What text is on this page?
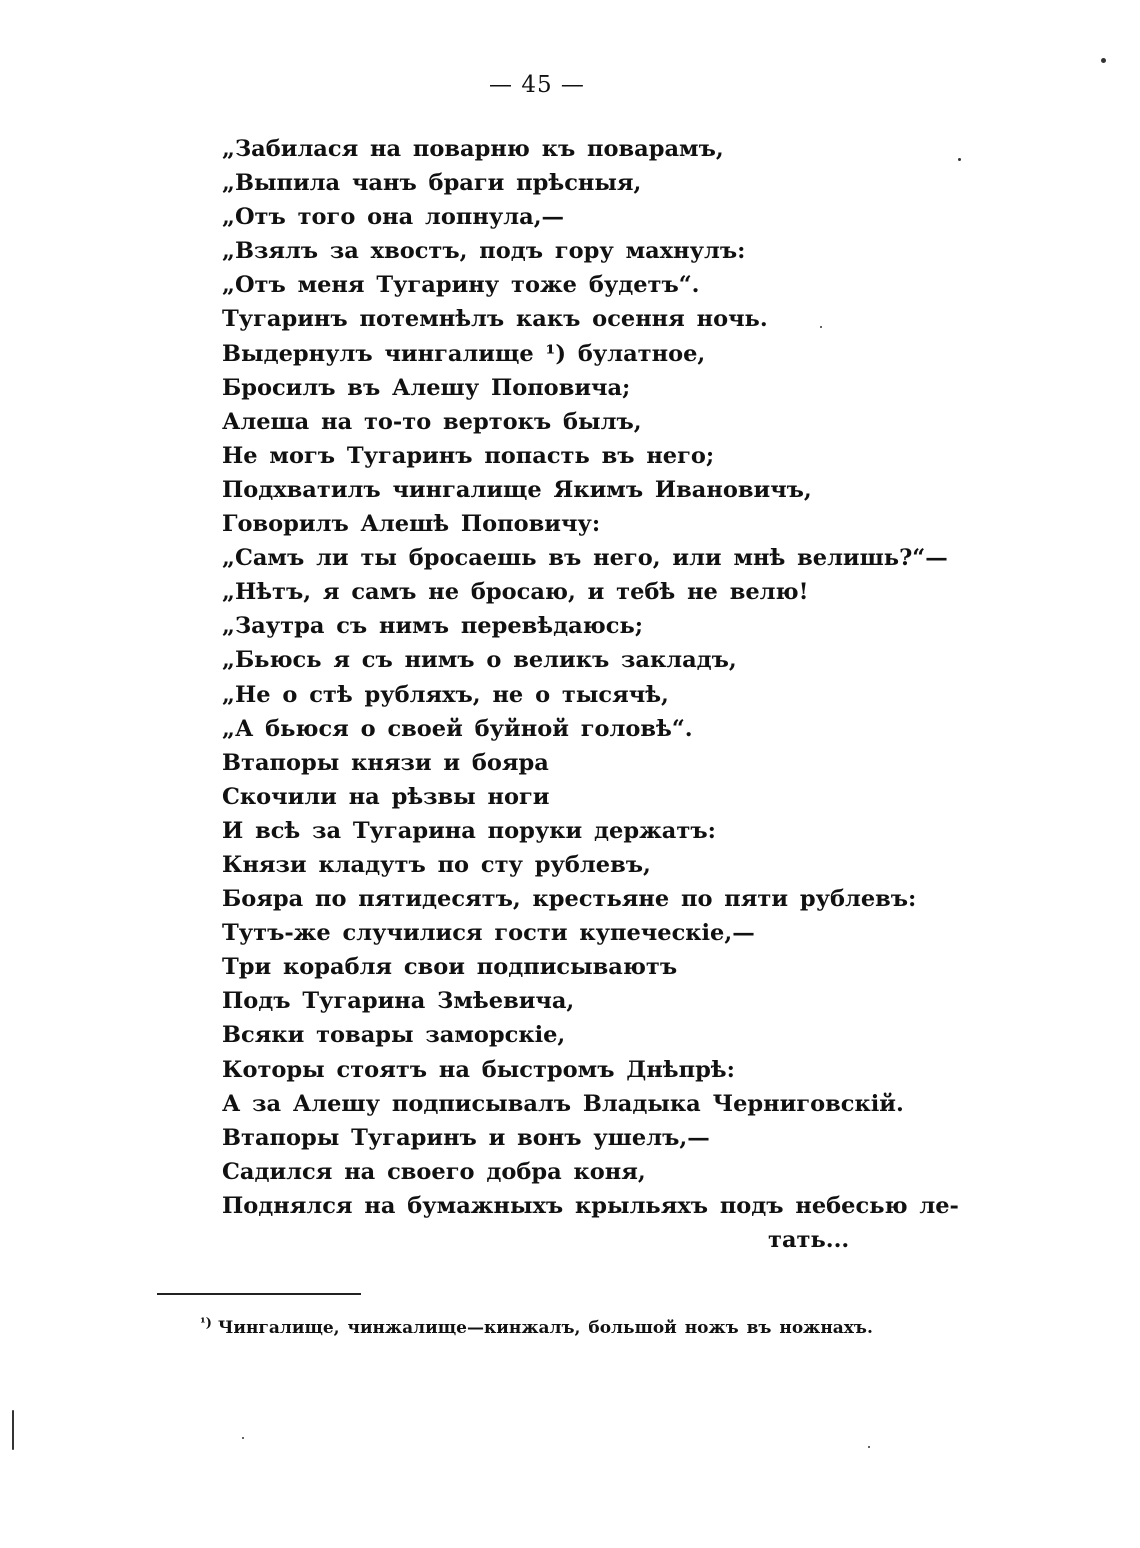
— 45 —
„Забилася на поварню къ поварамъ,
„Выпила чанъ браги прѣсныя,
„Отъ того она лопнула,—
„Взялъ за хвостъ, подъ гору махнулъ:
„Отъ меня Тугарину тоже будетъ“.
Тугаринъ потемнѣлъ какъ осення ночь.
Выдернулъ чингалище ¹) булатное,
Бросилъ въ Алешу Поповича;
Алеша на то-то вертокъ былъ,
Не могъ Тугаринъ попасть въ него;
Подхватилъ чингалище Якимъ Ивановичъ,
Говорилъ Алешѣ Поповичу:
„Самъ ли ты бросаешь въ него, или мнѣ велишь?“—
„Нѣтъ, я самъ не бросаю, и тебѣ не велю!
„Заутра съ нимъ перевѣдаюсь;
„Бьюсь я съ нимъ о великъ закладъ,
„Не о стѣ рубляхъ, не о тысячѣ,
„А бьюся о своей буйной головѣ“.
Втапоры князи и бояра
Скочили на рѣзвы ноги
И всѣ за Тугарина поруки держатъ:
Князи кладутъ по сту рублевъ,
Бояра по пятидесятъ, крестьяне по пяти рублевъ:
Тутъ-же случилися гости купеческіе,—
Три корабля свои подписываютъ
Подъ Тугарина Змѣевича,
Всяки товары заморскіе,
Которы стоятъ на быстромъ Днѣпрѣ:
А за Алешу подписывалъ Владыка Черниговскій.
Втапоры Тугаринъ и вонъ ушелъ,—
Садился на своего добра коня,
Поднялся на бумажныхъ крыльяхъ подъ небесью ле-
тать...
$^{^1)}$ Чингалище, чинжалище—кинжалъ, большой ножъ въ ножнахъ.
